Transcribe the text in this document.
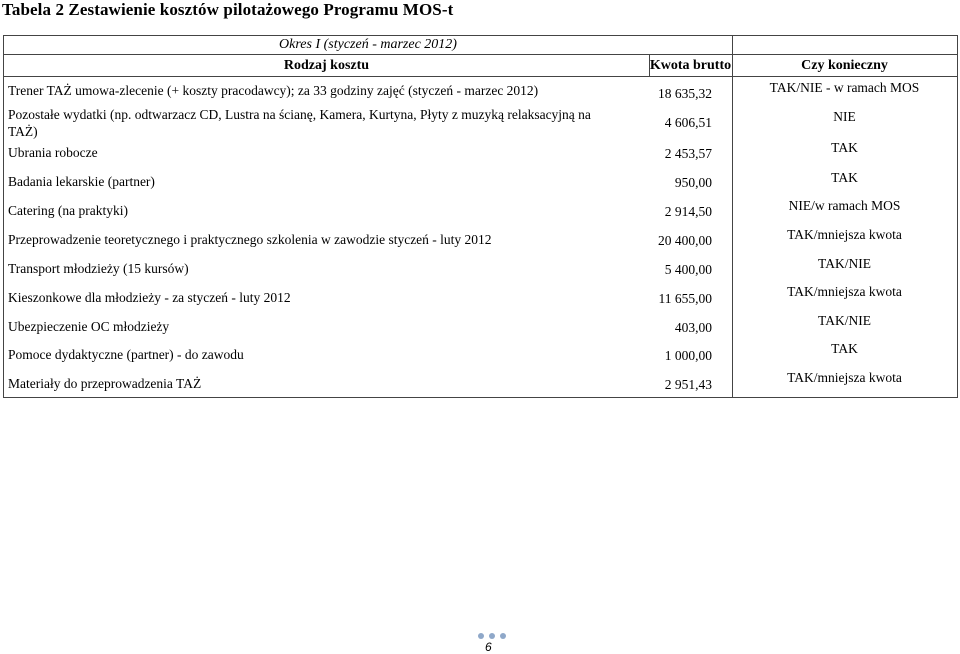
Tabela 2 Zestawienie kosztów pilotażowego Programu MOS-t
Okres I (styczeń - marzec 2012)
Rodzaj kosztu	Kwota brutto	Czy konieczny
Trener TAŻ umowa-zlecenie (+ koszty pracodawcy); za 33 godziny zajęć (styczeń - marzec 2012)
Pozostałe wydatki (np. odtwarzacz CD, Lustra na ścianę, Kamera, Kurtyna, Płyty z muzyką relaksacyjną na
TAŻ)
Ubrania robocze
Badania lekarskie (partner)
Catering (na praktyki)
Przeprowadzenie teoretycznego i praktycznego szkolenia w zawodzie styczeń - luty 2012
Transport młodzieży (15 kursów)
Kieszonkowe dla młodzieży - za styczeń - luty 2012
Ubezpieczenie OC młodzieży
Pomoce dydaktyczne (partner) - do zawodu
Materiały do przeprowadzenia TAŻ
18 635,32
4 606,51
2 453,57
950,00
2 914,50
20 400,00
5 400,00
11 655,00
403,00
1 000,00
2 951,43
TAK/NIE - w ramach MOS
NIE
TAK
TAK
NIE/w ramach MOS
TAK/mniejsza kwota
TAK/NIE
TAK/mniejsza kwota
TAK/NIE
TAK
TAK/mniejsza kwota
6
